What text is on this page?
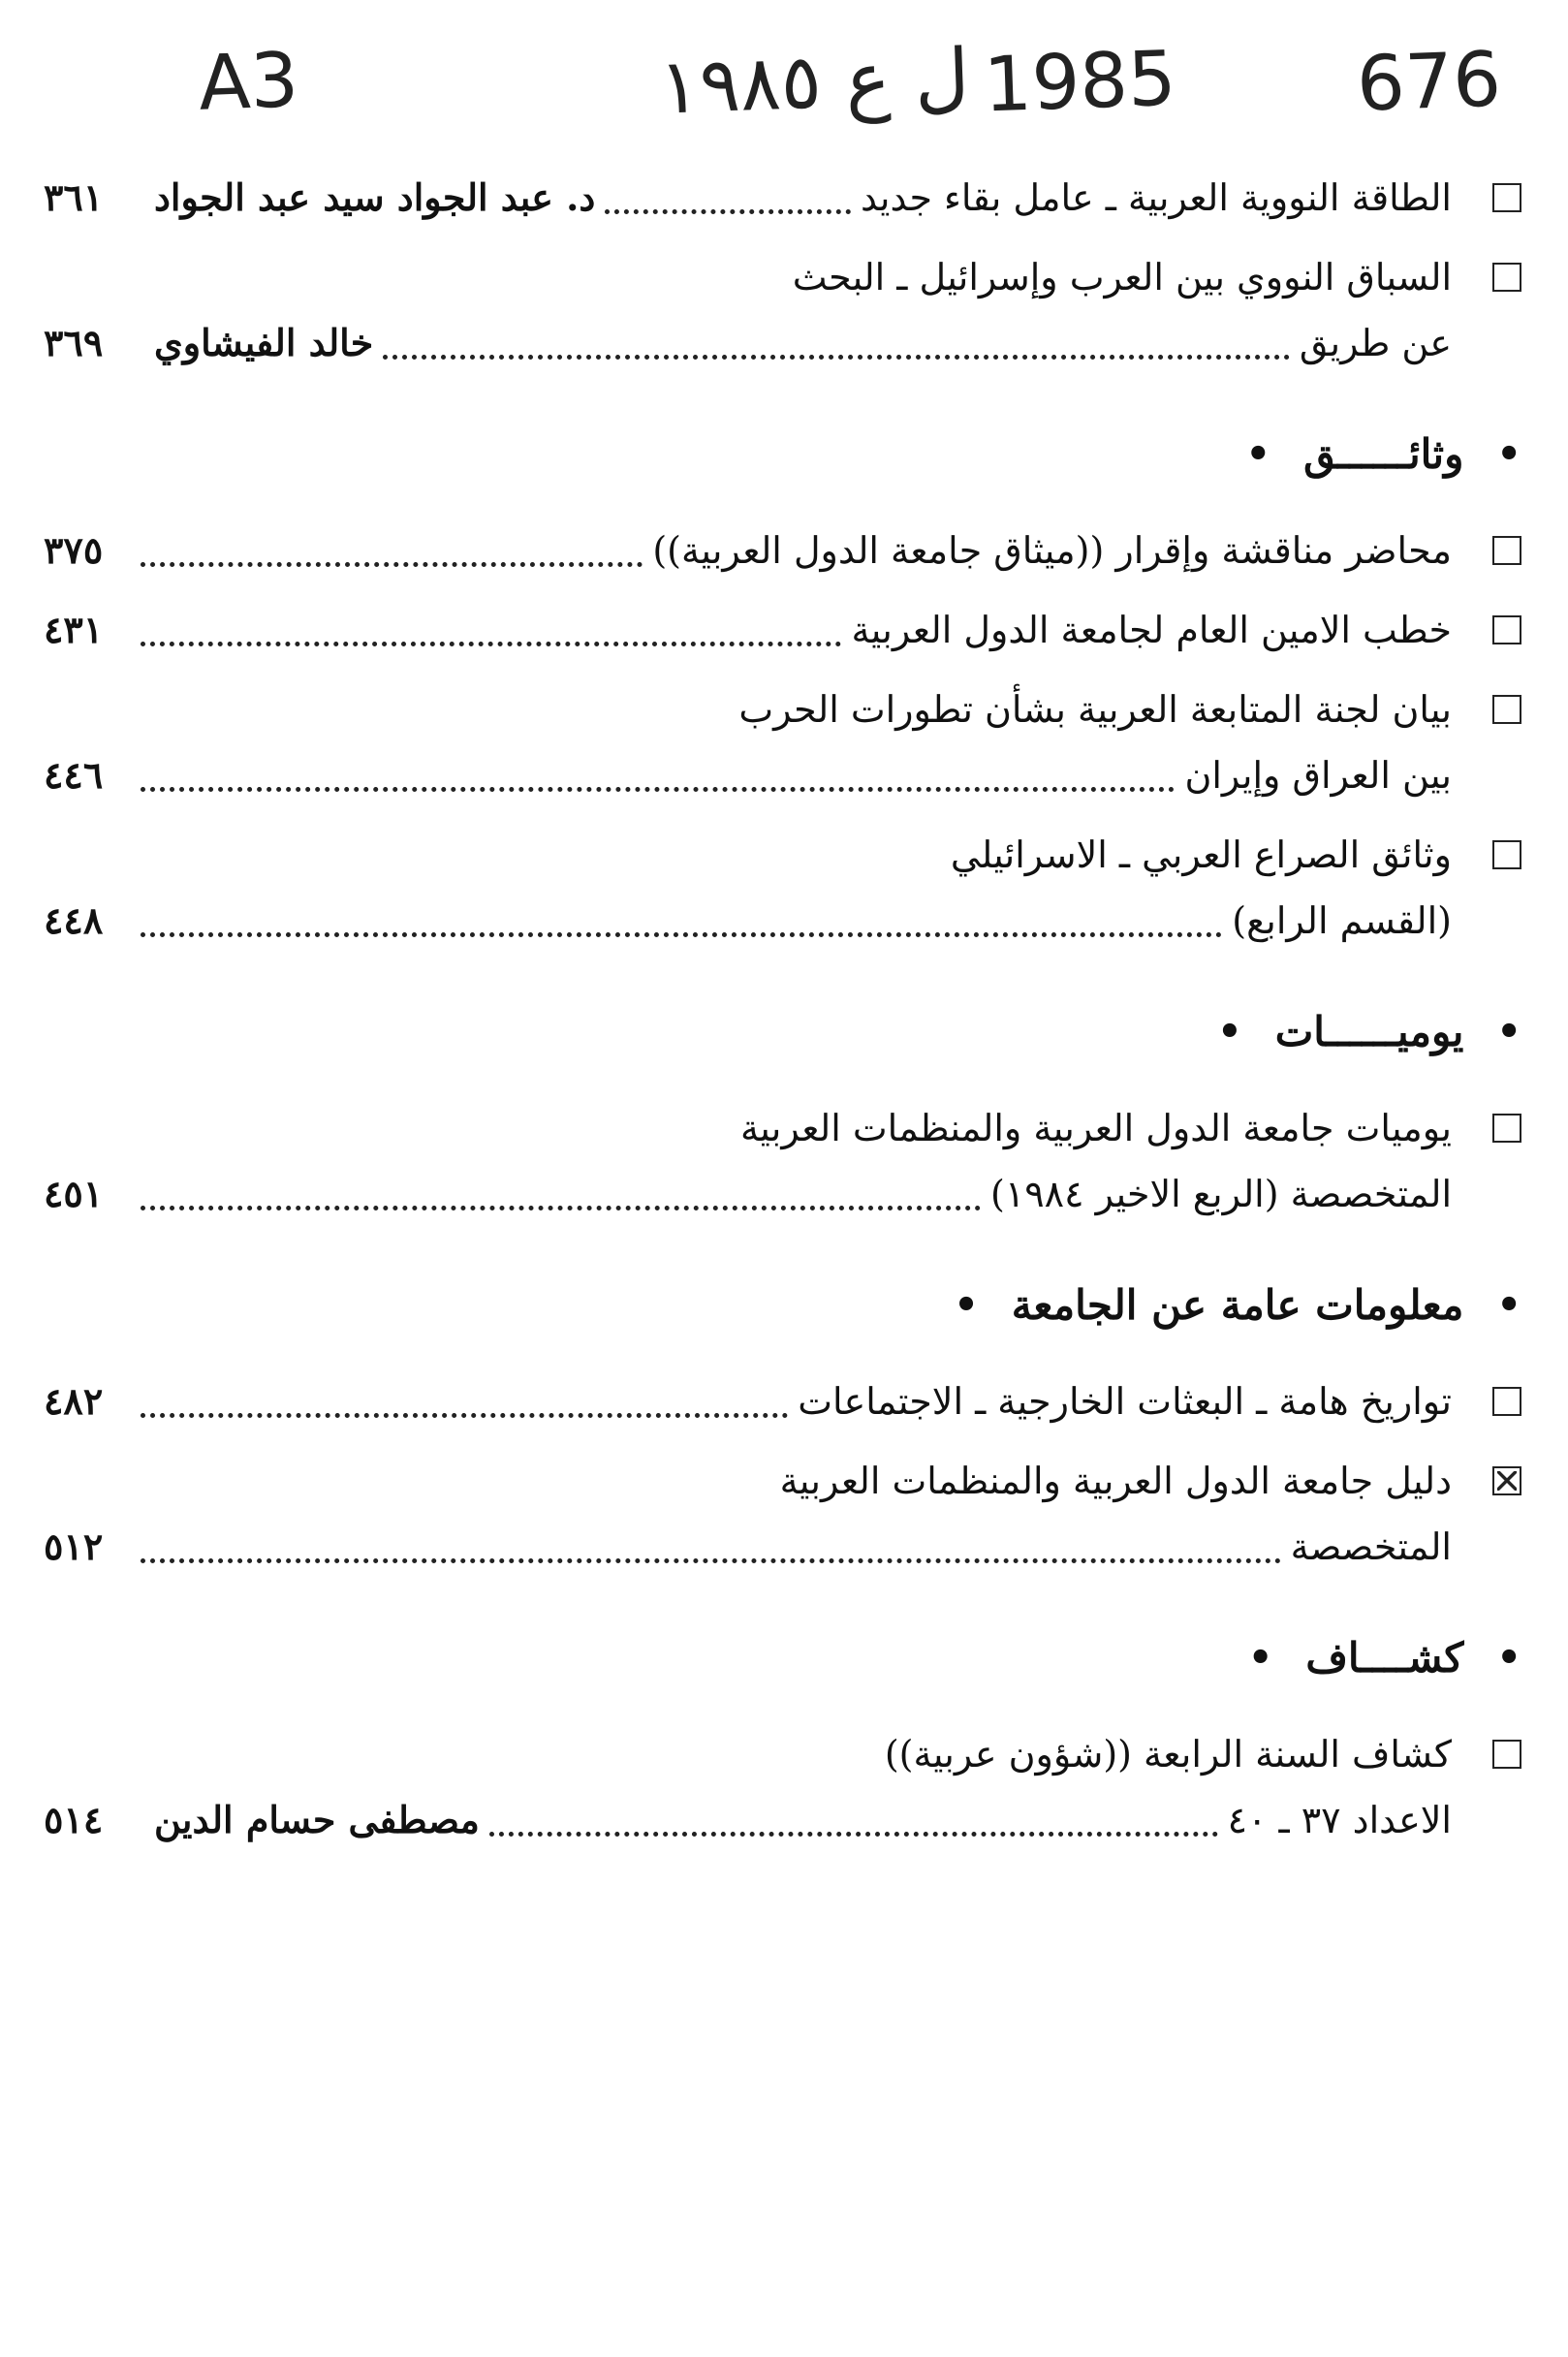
A3	ل ع ١٩٨٥ 1985 676
الطاقة النووية العربية ـ عامل بقاء جديد
د. عبد الجواد سيد عبد الجواد
٣٦١
السباق النووي بين العرب وإسرائيل ـ البحث
عن طريق
خالد الفيشاوي
٣٦٩
•
وثائــــــق
•
محاضر مناقشة وإقرار ((ميثاق جامعة الدول العربية))
٣٧٥
خطب الامين العام لجامعة الدول العربية
٤٣١
بيان لجنة المتابعة العربية بشأن تطورات الحرب
بين العراق وإيران
٤٤٦
وثائق الصراع العربي ـ الاسرائيلي
(القسم الرابع)
٤٤٨
•
يوميــــــات
•
يوميات جامعة الدول العربية والمنظمات العربية
المتخصصة (الربع الاخير ١٩٨٤)
٤٥١
•
معلومات عامة عن الجامعة
•
تواريخ هامة ـ البعثات الخارجية ـ الاجتماعات
٤٨٢
دليل جامعة الدول العربية والمنظمات العربية
المتخصصة
٥١٢
•
كشــــاف
•
كشاف السنة الرابعة ((شؤون عربية))
الاعداد ٣٧ ـ ٤٠
مصطفى حسام الدين
٥١٤
